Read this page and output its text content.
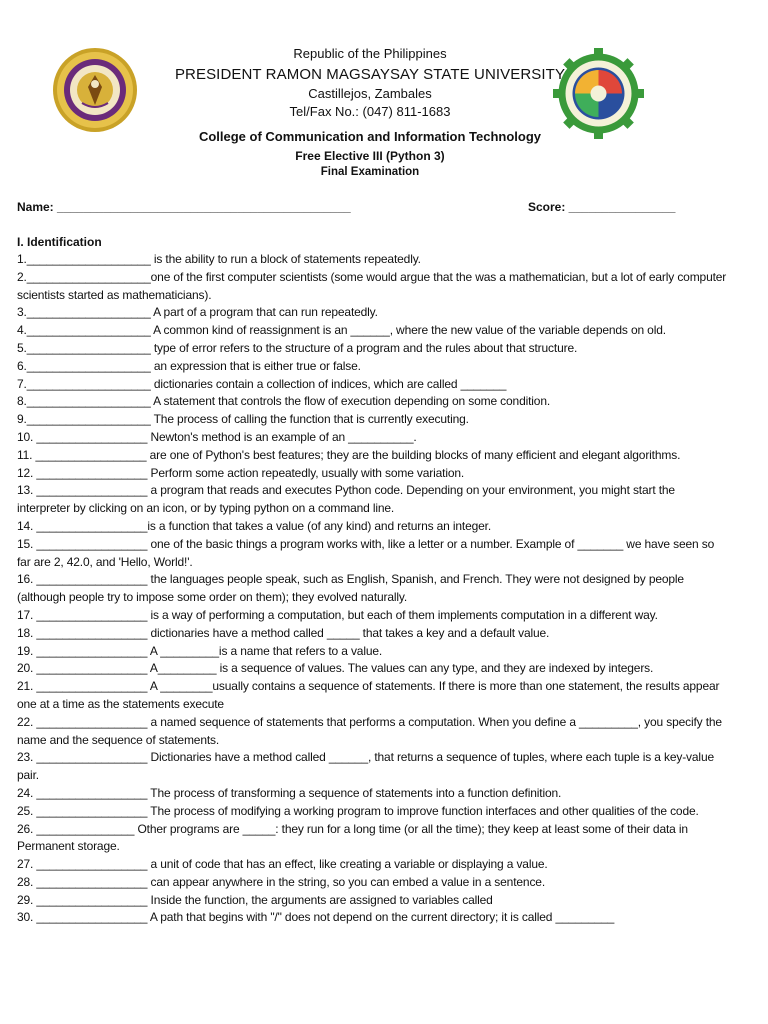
Republic of the Philippines
PRESIDENT RAMON MAGSAYSAY STATE UNIVERSITY
Castillejos, Zambales
Tel/Fax No.: (047) 811-1683
College of Communication and Information Technology
Free Elective III (Python 3)
Final Examination
Name: ____________________________________________	Score: ________________
I. Identification

1.___________________ is the ability to run a block of statements repeatedly.

2.___________________one of the first computer scientists (some would argue that the was a mathematician, but a lot of early computer scientists started as mathematicians).

3.___________________ A part of a program that can run repeatedly.

4.___________________ A common kind of reassignment is an ______, where the new value of the variable depends on old.

5.___________________ type of error refers to the structure of a program and the rules about that structure.

6.___________________ an expression that is either true or false.

7.___________________ dictionaries contain a collection of indices, which are called _______

8.___________________ A statement that controls the flow of execution depending on some condition.

9.___________________ The process of calling the function that is currently executing.

10. _________________ Newton's method is an example of an __________.

11. _________________ are one of Python's best features; they are the building blocks of many efficient and elegant algorithms.

12. _________________ Perform some action repeatedly, usually with some variation.

13. _________________ a program that reads and executes Python code. Depending on your environment, you might start the interpreter by clicking on an icon, or by typing python on a command line.

14. _________________is a function that takes a value (of any kind) and returns an integer.

15. _________________ one of the basic things a program works with, like a letter or a number. Example of _______ we have seen so far are 2, 42.0, and 'Hello, World!'.

16. _________________ the languages people speak, such as English, Spanish, and French. They were not designed by people (although people try to impose some order on them); they evolved naturally.

17. _________________ is a way of performing a computation, but each of them implements computation in a different way.

18. _________________ dictionaries have a method called _____ that takes a key and a default value.

19. _________________ A _________is a name that refers to a value.

20. _________________ A_________ is a sequence of values. The values can any type, and they are indexed by integers.

21. _________________ A ________usually contains a sequence of statements. If there is more than one statement, the results appear one at a time as the statements execute

22. _________________ a named sequence of statements that performs a computation. When you define a _________, you specify the name and the sequence of statements.

23. _________________ Dictionaries have a method called ______, that returns a sequence of tuples, where each tuple is a key-value pair.

24. _________________ The process of transforming a sequence of statements into a function definition.

25. _________________ The process of modifying a working program to improve function interfaces and other qualities of the code.

26. _______________ Other programs are _____: they run for a long time (or all the time); they keep at least some of their data in Permanent storage.

27. _________________ a unit of code that has an effect, like creating a variable or displaying a value.

28. _________________ can appear anywhere in the string, so you can embed a value in a sentence.

29. _________________ Inside the function, the arguments are assigned to variables called

30. _________________ A path that begins with "/" does not depend on the current directory; it is called _________
